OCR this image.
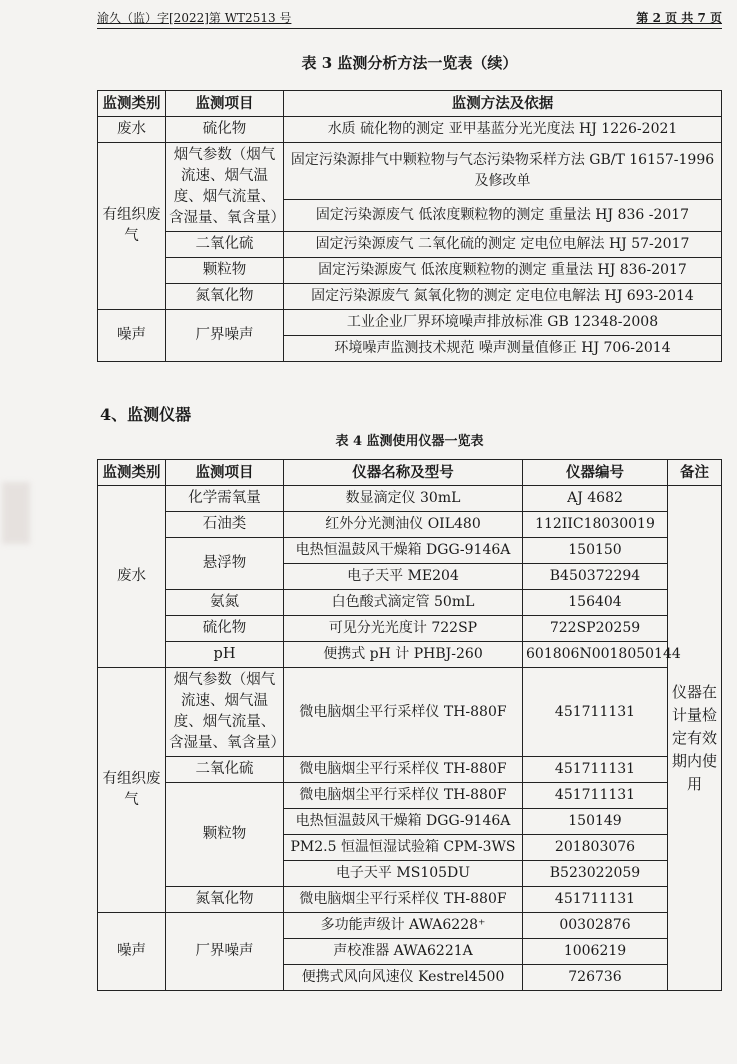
渝久（监）字[2022]第 WT2513 号	第 2 页 共 7 页
表 3 监测分析方法一览表（续）
监测类别	监测项目	监测方法及依据
废水	硫化物	水质 硫化物的测定 亚甲基蓝分光光度法 HJ 1226-2021
有组织废气	烟气参数（烟气流速、烟气温度、烟气流量、含湿量、氧含量）	固定污染源排气中颗粒物与气态污染物采样方法 GB/T 16157-1996 及修改单
		固定污染源废气 低浓度颗粒物的测定 重量法 HJ 836 -2017
	二氧化硫	固定污染源废气 二氧化硫的测定 定电位电解法 HJ 57-2017
	颗粒物	固定污染源废气 低浓度颗粒物的测定 重量法 HJ 836-2017
	氮氧化物	固定污染源废气 氮氧化物的测定 定电位电解法 HJ 693-2014
噪声	厂界噪声	工业企业厂界环境噪声排放标准 GB 12348-2008
		环境噪声监测技术规范 噪声测量值修正 HJ 706-2014
4、监测仪器
表 4 监测使用仪器一览表
监测类别	监测项目	仪器名称及型号	仪器编号	备注
废水	化学需氧量	数显滴定仪 30mL	AJ 4682	仪器在计量检定有效期内使用
	石油类	红外分光测油仪 OIL480	112IIC18030019	
	悬浮物	电热恒温鼓风干燥箱 DGG-9146A	150150	
		电子天平 ME204	B450372294	
	氨氮	白色酸式滴定管 50mL	156404	
	硫化物	可见分光光度计 722SP	722SP20259	
	pH	便携式 pH 计 PHBJ-260	601806N0018050144	
有组织废气	烟气参数（烟气流速、烟气温度、烟气流量、含湿量、氧含量）	微电脑烟尘平行采样仪 TH-880F	451711131	
	二氧化硫	微电脑烟尘平行采样仪 TH-880F	451711131	
	颗粒物	微电脑烟尘平行采样仪 TH-880F	451711131	
		电热恒温鼓风干燥箱 DGG-9146A	150149	
		PM2.5 恒温恒湿试验箱 CPM-3WS	201803076	
		电子天平 MS105DU	B523022059	
	氮氧化物	微电脑烟尘平行采样仪 TH-880F	451711131	
噪声	厂界噪声	多功能声级计 AWA6228⁺	00302876	
		声校准器 AWA6221A	1006219	
		便携式风向风速仪 Kestrel4500	726736	
